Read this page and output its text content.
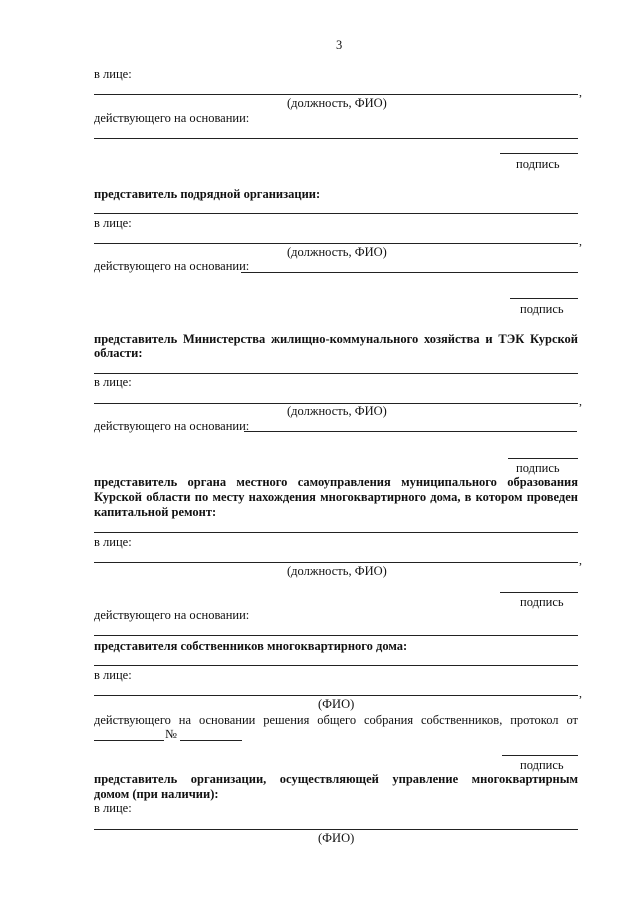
3
в лице:
,
(должность, ФИО)
действующего на основании:
подпись
представитель подрядной организации:
в лице:
,
(должность, ФИО)
действующего на основании:
подпись
представитель Министерства жилищно-коммунального хозяйства и ТЭК Курской
области:
в лице:
,
(должность, ФИО)
действующего на основании:
подпись
представитель органа местного самоуправления муниципального образования
Курской области по месту нахождения многоквартирного дома, в котором проведен
капитальной ремонт:
в лице:
,
(должность, ФИО)
подпись
действующего на основании:
представителя собственников многоквартирного дома:
в лице:
,
(ФИО)
действующего на основании решения общего собрания собственников, протокол от
№
подпись
представитель организации, осуществляющей управление многоквартирным
домом (при наличии):
в лице:
(ФИО)
